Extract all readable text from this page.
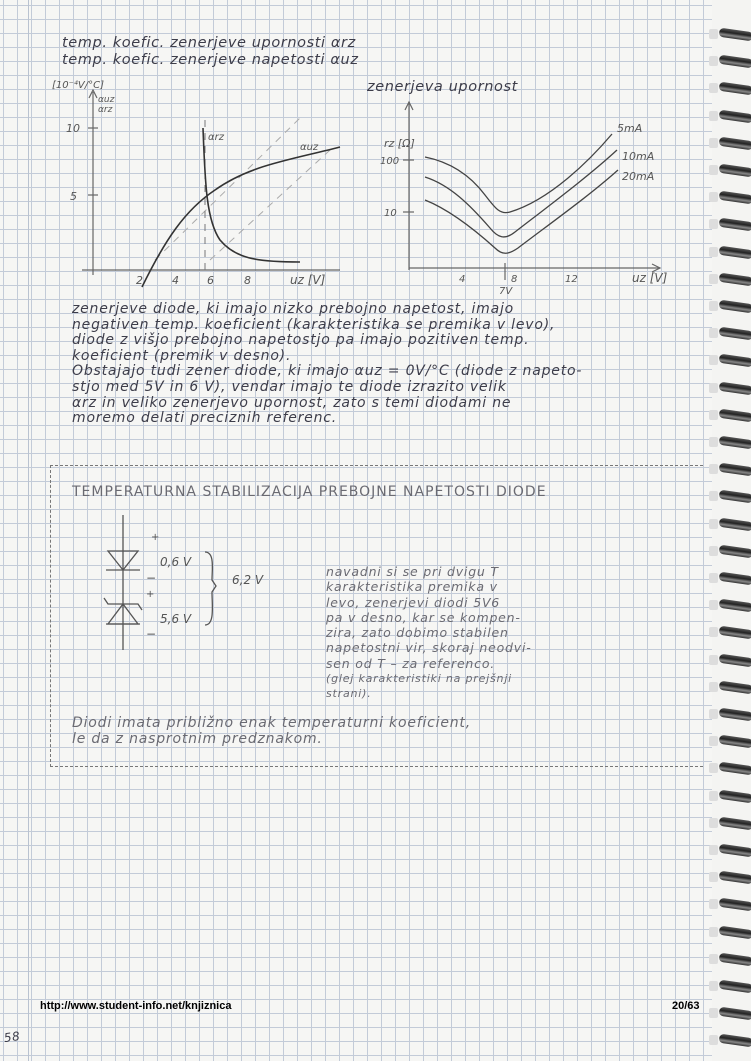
temp. koefic. zenerjeve upornosti αrz
temp. koefic. zenerjeve napetosti αuz
[10⁻⁴V/°C]
αuz
αrz
10
5
2	4	6	8	uz [V]
αrz
αuz
zenerjeva upornost
rz [Ω]
100
10
4	8	12
7V
uz [V]
5mA
10mA
20mA
zenerjeve diode, ki imajo nizko prebojno napetost, imajo
negativen temp. koeficient (karakteristika se premika v levo),
diode z višjo prebojno napetostjo pa imajo pozitiven temp.
koeficient (premik v desno).
Obstajajo tudi zener diode, ki imajo αuz = 0V/°C (diode z napeto-
stjo med 5V in 6 V), vendar imajo te diode izrazito velik
αrz in veliko zenerjevo upornost, zato s temi diodami ne
moremo delati preciznih referenc.
TEMPERATURNA STABILIZACIJA PREBOJNE NAPETOSTI DIODE
+
0,6 V
−
+
5,6 V
−
6,2 V
navadni si se pri dvigu T
karakteristika premika v
levo, zenerjevi diodi 5V6
pa v desno, kar se kompen-
zira, zato dobimo stabilen
napetostni vir, skoraj neodvi-
sen od T – za referenco.
(glej karakteristiki na prejšnji
strani).
Diodi imata približno enak temperaturni koeficient,
le da z nasprotnim predznakom.
http://www.student-info.net/knjiznica	20/63
58
